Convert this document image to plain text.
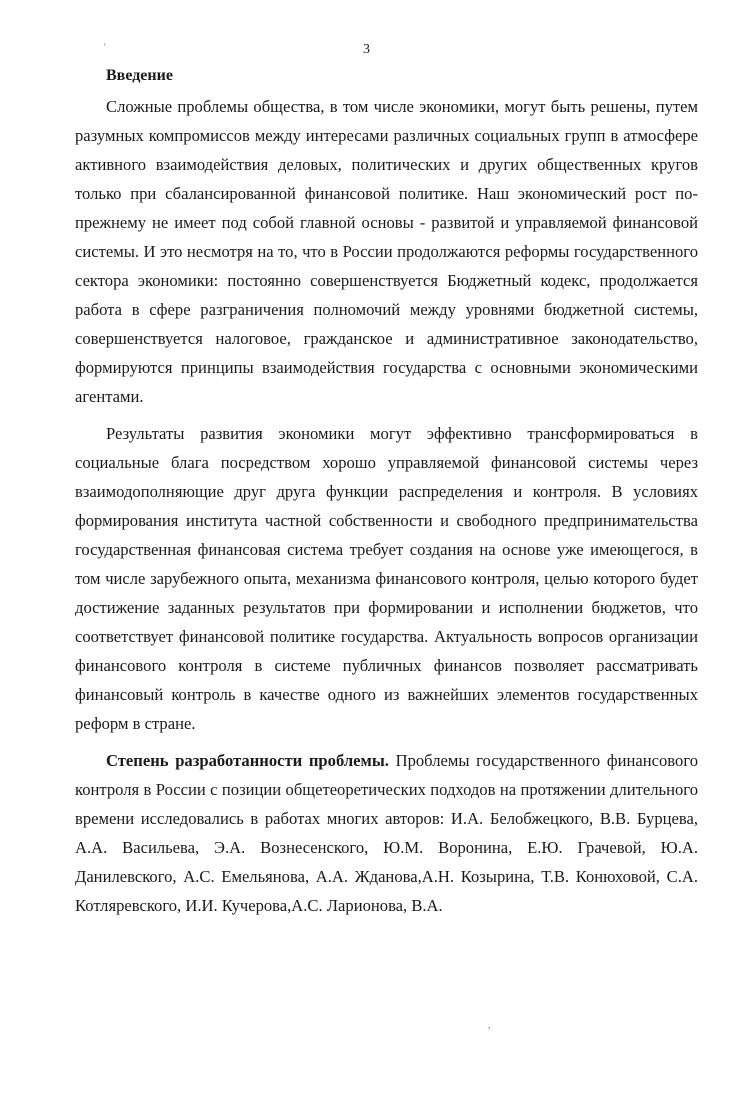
3
Введение

Сложные проблемы общества, в том числе экономики, могут быть решены, путем разумных компромиссов между интересами различных социальных групп в атмосфере активного взаимодействия деловых, политических и других общественных кругов только при сбалансированной финансовой политике. Наш экономический рост по-прежнему не имеет под собой главной основы - развитой и управляемой финансовой системы. И это несмотря на то, что в России продолжаются реформы государственного сектора экономики: постоянно совершенствуется Бюджетный кодекс, продолжается работа в сфере разграничения полномочий между уровнями бюджетной системы, совершенствуется налоговое, гражданское и административное законодательство, формируются принципы взаимодействия государства с основными экономическими агентами.

Результаты развития экономики могут эффективно трансформироваться в социальные блага посредством хорошо управляемой финансовой системы через взаимодополняющие друг друга функции распределения и контроля. В условиях формирования института частной собственности и свободного предпринимательства государственная финансовая система требует создания на основе уже имеющегося, в том числе зарубежного опыта, механизма финансового контроля, целью которого будет достижение заданных результатов при формировании и исполнении бюджетов, что соответствует финансовой политике государства. Актуальность вопросов организации финансового контроля в системе публичных финансов позволяет рассматривать финансовый контроль в качестве одного из важнейших элементов государственных реформ в стране.

Степень разработанности проблемы. Проблемы государственного финансового контроля в России с позиции общетеоретических подходов на протяжении длительного времени исследовались в работах многих авторов: И.А. Белобжецкого, В.В. Бурцева, А.А. Васильева, Э.А. Вознесенского, Ю.М. Воронина, Е.Ю. Грачевой, Ю.А. Данилевского, А.С. Емельянова, А.А. Жданова,А.Н. Козырина, Т.В. Конюховой, С.А. Котляревского, И.И. Кучерова,А.С. Ларионова, В.А.

'
,
